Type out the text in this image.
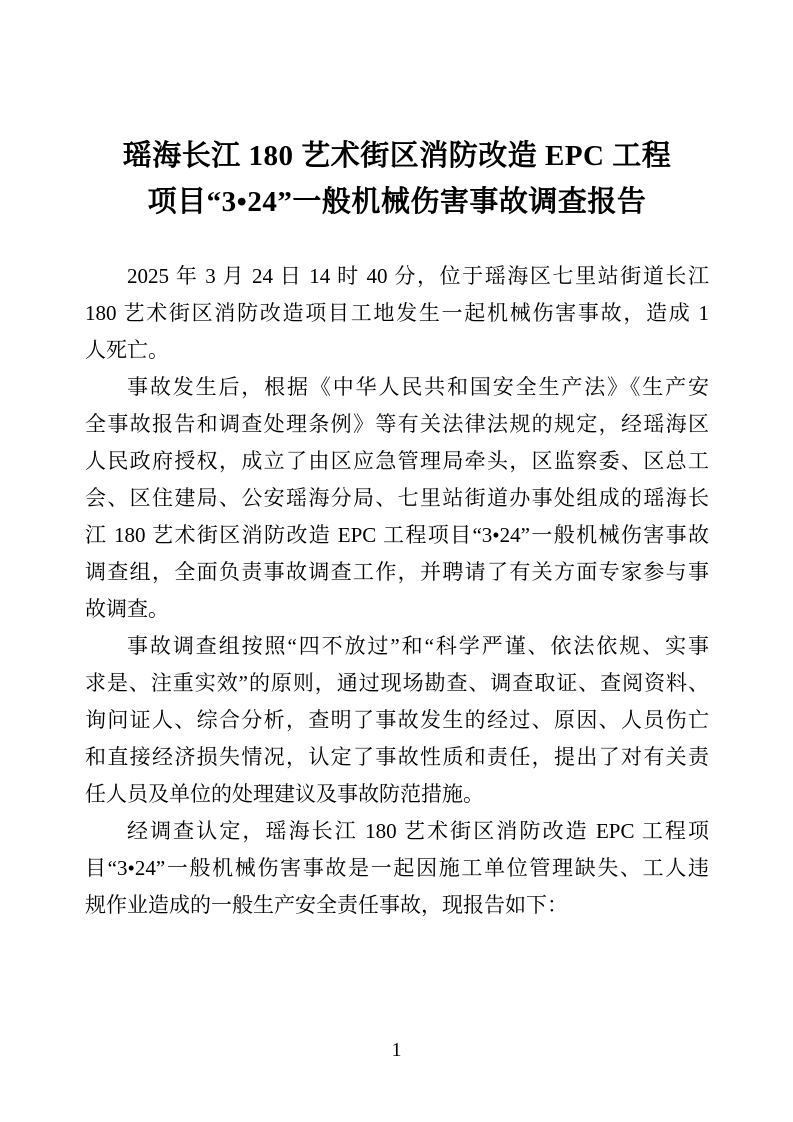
瑶海长江 180 艺术街区消防改造 EPC 工程
项目“3•24”一般机械伤害事故调查报告
2025 年 3 月 24 日 14 时 40 分，位于瑶海区七里站街道长江
180 艺术街区消防改造项目工地发生一起机械伤害事故，造成 1
人死亡。
事故发生后，根据《中华人民共和国安全生产法》《生产安
全事故报告和调查处理条例》等有关法律法规的规定，经瑶海区
人民政府授权，成立了由区应急管理局牵头，区监察委、区总工
会、区住建局、公安瑶海分局、七里站街道办事处组成的瑶海长
江 180 艺术街区消防改造 EPC 工程项目“3•24”一般机械伤害事故
调查组，全面负责事故调查工作，并聘请了有关方面专家参与事
故调查。
事故调查组按照“四不放过”和“科学严谨、依法依规、实事
求是、注重实效”的原则，通过现场勘查、调查取证、查阅资料、
询问证人、综合分析，查明了事故发生的经过、原因、人员伤亡
和直接经济损失情况，认定了事故性质和责任，提出了对有关责
任人员及单位的处理建议及事故防范措施。
经调查认定，瑶海长江 180 艺术街区消防改造 EPC 工程项
目“3•24”一般机械伤害事故是一起因施工单位管理缺失、工人违
规作业造成的一般生产安全责任事故，现报告如下：
1
